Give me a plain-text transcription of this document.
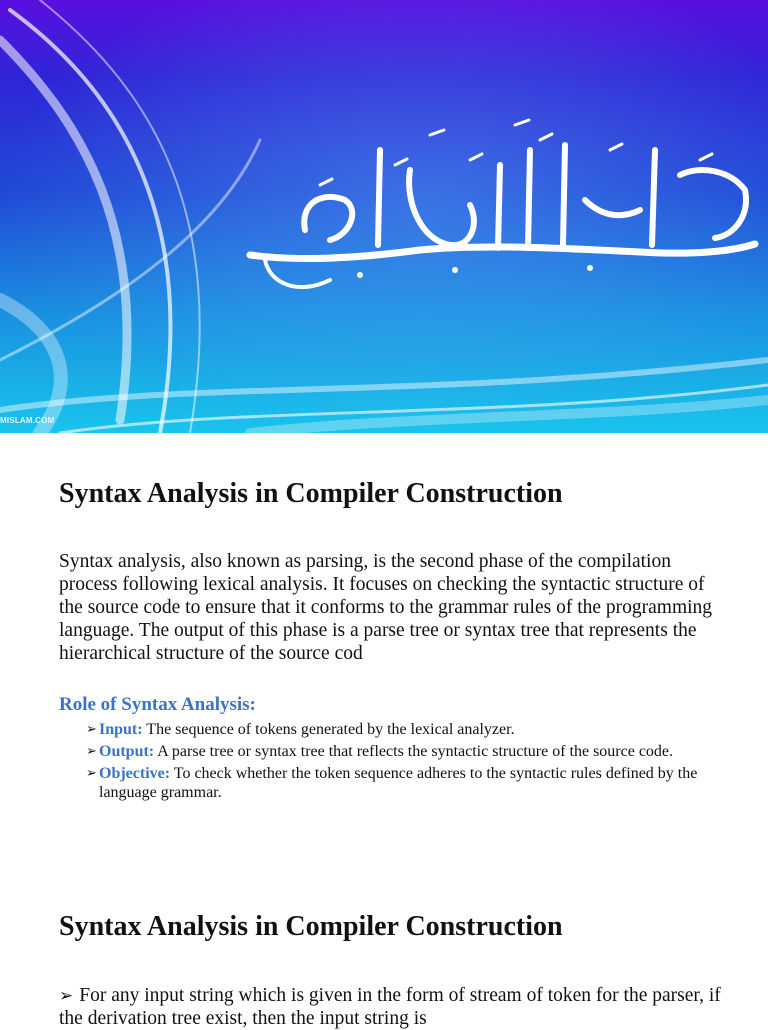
MISLAM.COM
Syntax Analysis in Compiler Construction

Syntax analysis, also known as parsing, is the second phase of the compilation process following lexical analysis. It focuses on checking the syntactic structure of the source code to ensure that it conforms to the grammar rules of the programming language. The output of this phase is a parse tree or syntax tree that represents the hierarchical structure of the source cod

Role of Syntax Analysis:
➢ Input: The sequence of tokens generated by the lexical analyzer.
➢ Output: A parse tree or syntax tree that reflects the syntactic structure of the source code.
➢ Objective: To check whether the token sequence adheres to the syntactic rules defined by the language grammar.
Syntax Analysis in Compiler Construction

➢ For any input string which is given in the form of stream of token for the parser, if the derivation tree exist, then the input string is
